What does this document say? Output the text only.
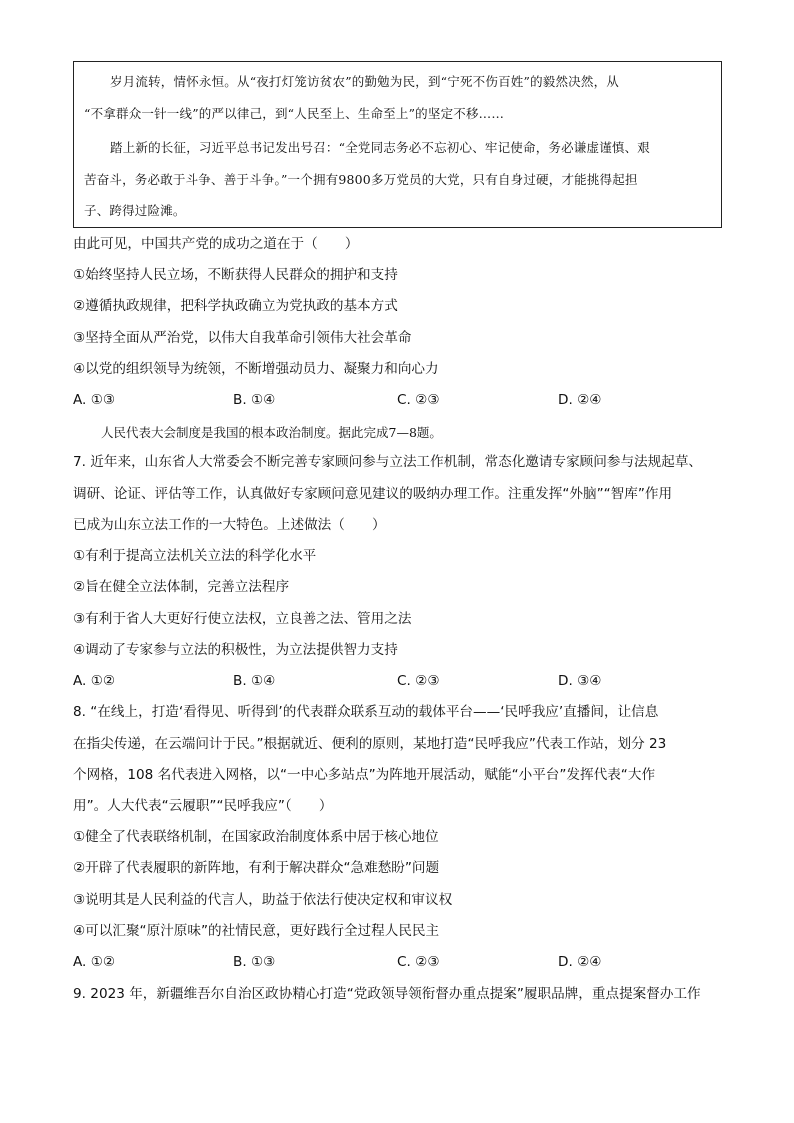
岁月流转，情怀永恒。从“夜打灯笼访贫农”的勤勉为民，到“宁死不伤百姓”的毅然决然，从

“不拿群众一针一线”的严以律己，到“人民至上、生命至上”的坚定不移……

踏上新的长征，习近平总书记发出号召：“全党同志务必不忘初心、牢记使命，务必谦虚谨慎、艰

苦奋斗，务必敢于斗争、善于斗争。”一个拥有9800多万党员的大党，只有自身过硬，才能挑得起担

子、跨得过险滩。

由此可见，中国共产党的成功之道在于（　　）
①始终坚持人民立场，不断获得人民群众的拥护和支持
②遵循执政规律，把科学执政确立为党执政的基本方式
③坚持全面从严治党，以伟大自我革命引领伟大社会革命
④以党的组织领导为统领，不断增强动员力、凝聚力和向心力
A. ①③	B. ①④	C. ②③	D. ②④
人民代表大会制度是我国的根本政治制度。据此完成7—8题。
7. 近年来，山东省人大常委会不断完善专家顾问参与立法工作机制，常态化邀请专家顾问参与法规起草、
调研、论证、评估等工作，认真做好专家顾问意见建议的吸纳办理工作。注重发挥“外脑”“智库”作用
已成为山东立法工作的一大特色。上述做法（　　）
①有利于提高立法机关立法的科学化水平
②旨在健全立法体制，完善立法程序
③有利于省人大更好行使立法权，立良善之法、管用之法
④调动了专家参与立法的积极性，为立法提供智力支持
A. ①②	B. ①④	C. ②③	D. ③④
8. “在线上，打造‘看得见、听得到’的代表群众联系互动的载体平台——‘民呼我应’直播间，让信息
在指尖传递，在云端问计于民。”根据就近、便利的原则，某地打造“民呼我应”代表工作站，划分 23
个网格，108 名代表进入网格，以“一中心多站点”为阵地开展活动，赋能“小平台”发挥代表“大作
用”。人大代表“云履职”“民呼我应”（　　）
①健全了代表联络机制，在国家政治制度体系中居于核心地位
②开辟了代表履职的新阵地，有利于解决群众“急难愁盼”问题
③说明其是人民利益的代言人，助益于依法行使决定权和审议权
④可以汇聚“原汁原味”的社情民意，更好践行全过程人民民主
A. ①②	B. ①③	C. ②③	D. ②④
9. 2023 年，新疆维吾尔自治区政协精心打造“党政领导领衔督办重点提案”履职品牌，重点提案督办工作
